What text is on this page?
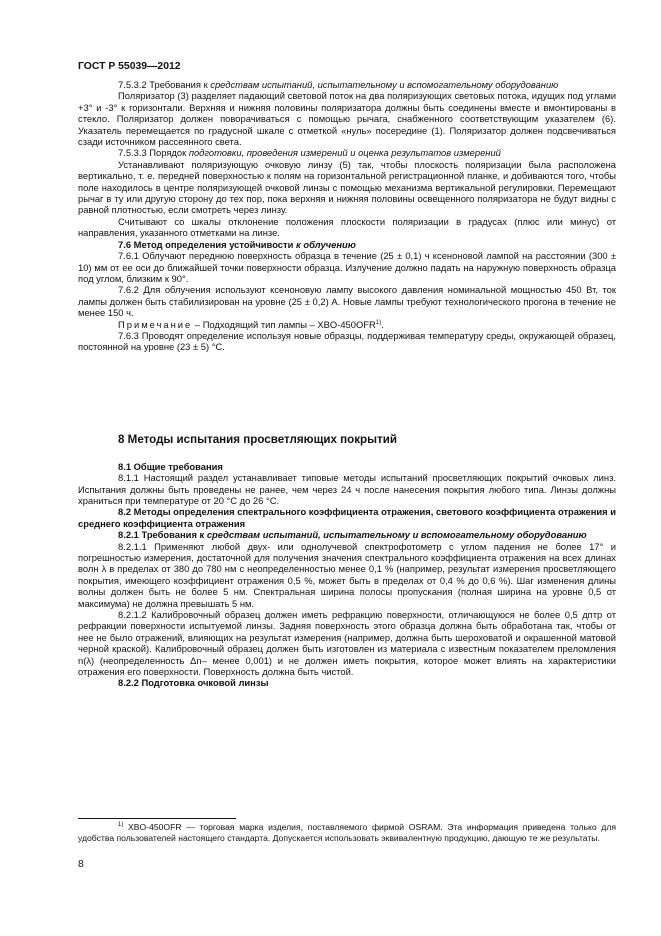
ГОСТ Р 55039—2012

7.5.3.2 Требования к средствам испытаний, испытательному и вспомогательному оборудованию

Поляризатор (3) разделяет падающий световой поток на два поляризующих световых потока, идущих под углами +3° и -3° к горизонтали. Верхняя и нижняя половины поляризатора должны быть соединены вместе и вмонтированы в стекло. Поляризатор должен поворачиваться с помощью рычага, снабженного соответствующим указателем (6). Указатель перемещается по градусной шкале с отметкой «нуль» посередине (1). Поляризатор должен подсвечиваться сзади источником рассеянного света.

7.5.3.3 Порядок подготовки, проведения измерений и оценка результатов измерений

Устанавливают поляризующую очковую линзу (5) так, чтобы плоскость поляризации была расположена вертикально, т. е. передней поверхностью к полям на горизонтальной регистрационной планке, и добиваются того, чтобы поле находилось в центре поляризующей очковой линзы с помощью механизма вертикальной регулировки. Перемещают рычаг в ту или другую сторону до тех пор, пока верхняя и нижняя половины освещенного поляризатора не будут видны с равной плотностью, если смотреть через линзу.

Считывают со шкалы отклонение положения плоскости поляризации в градусах (плюс или минус) от направления, указанного отметками на линзе.

7.6 Метод определения устойчивости к облучению

7.6.1 Облучают переднюю поверхность образца в течение (25 ± 0,1) ч ксеноновой лампой на расстоянии (300 ± 10) мм от ее оси до ближайшей точки поверхности образца. Излучение должно падать на наружную поверхность образца под углом, близким к 90°.

7.6.2 Для облучения используют ксеноновую лампу высокого давления номинальной мощностью 450 Вт, ток лампы должен быть стабилизирован на уровне (25 ± 0,2) А. Новые лампы требуют технологического прогона в течение не менее 150 ч.

Примечание – Подходящий тип лампы – XBO-450OFR$^{1)}$.

7.6.3 Проводят определение используя новые образцы, поддерживая температуру среды, окружающей образец, постоянной на уровне (23 ± 5) °C.

8 Методы испытания просветляющих покрытий

8.1 Общие требования

8.1.1 Настоящий раздел устанавливает типовые методы испытаний просветляющих покрытий очковых линз. Испытания должны быть проведены не ранее, чем через 24 ч после нанесения покрытия любого типа. Линзы должны храниться при температуре от 20 °C до 26 °C.

8.2 Методы определения спектрального коэффициента отражения, светового коэффициента отражения и среднего коэффициента отражения

8.2.1 Требования к средствам испытаний, испытательному и вспомогательному оборудованию

8.2.1.1 Применяют любой двух- или однолучевой спектрофотометр с углом падения не более 17° и погрешностью измерения, достаточной для получения значения спектрального коэффициента отражения на всех длинах волн λ в пределах от 380 до 780 нм с неопределенностью менее 0,1 % (например, результат измерения просветляющего покрытия, имеющего коэффициент отражения 0,5 %, может быть в пределах от 0,4 % до 0,6 %). Шаг изменения длины волны должен быть не более 5 нм. Спектральная ширина полосы пропускания (полная ширина на уровне 0,5 от максимума) не должна превышать 5 нм.

8.2.1.2 Калибровочный образец должен иметь рефракцию поверхности, отличающуюся не более 0,5 дптр от рефракции поверхности испытуемой линзы. Задняя поверхность этого образца должна быть обработана так, чтобы от нее не было отражений, влияющих на результат измерения (например, должна быть шероховатой и окрашенной матовой черной краской). Калибровочный образец должен быть изготовлен из материала с известным показателем преломления n(λ) (неопределенность Δn– менее 0,001) и не должен иметь покрытия, которое может влиять на характеристики отражения его поверхности. Поверхность должна быть чистой.

8.2.2 Подготовка очковой линзы

$^{1)}$ XBO-450OFR — торговая марка изделия, поставляемого фирмой OSRAM. Эта информация приведена только для удобства пользователей настоящего стандарта. Допускается использовать эквивалентную продукцию, дающую те же результаты.

8
